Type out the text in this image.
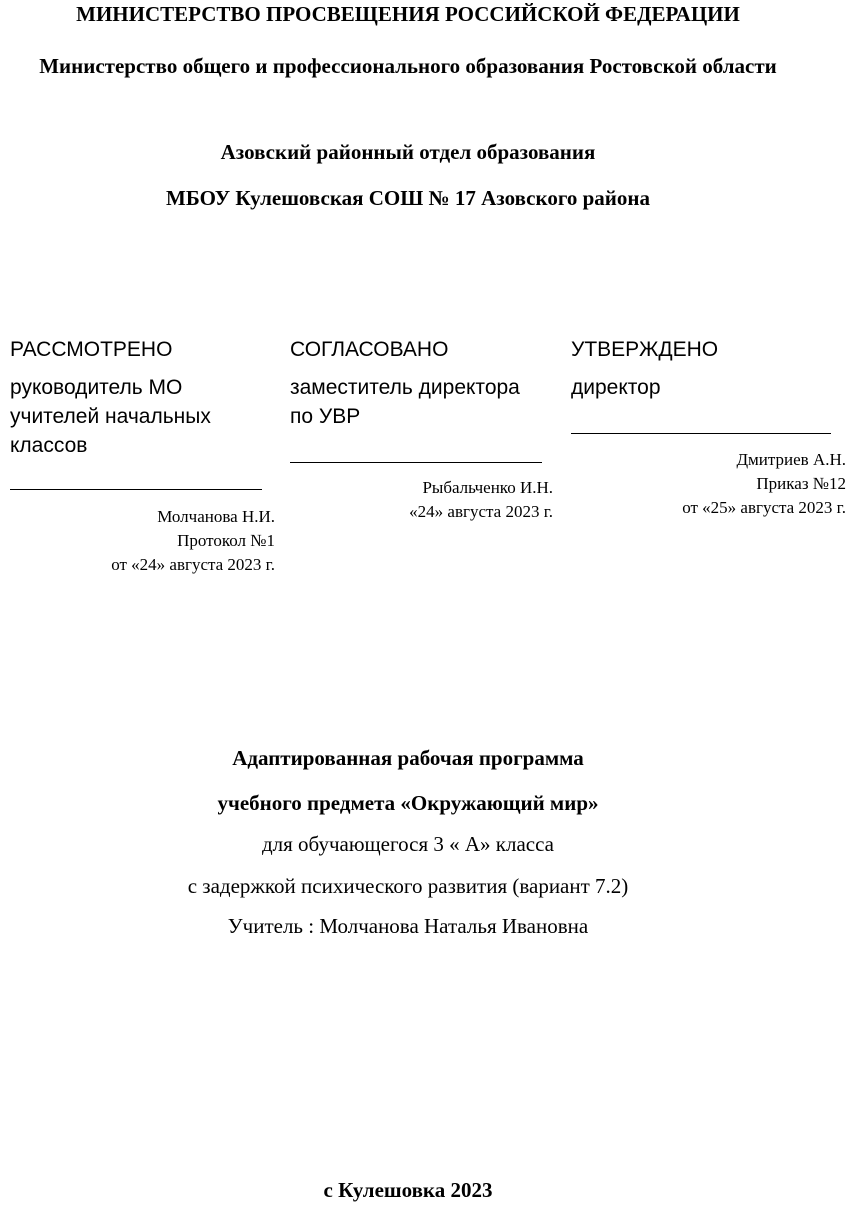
МИНИСТЕРСТВО ПРОСВЕЩЕНИЯ РОССИЙСКОЙ ФЕДЕРАЦИИ
Министерство общего и профессионального образования Ростовской области
Азовский районный отдел образования
МБОУ Кулешовская СОШ № 17 Азовского района
РАССМОТРЕНО
руководитель МО
учителей начальных
классов
Молчанова Н.И.
Протокол №1
от «24» августа 2023 г.
СОГЛАСОВАНО
заместитель директора
по УВР
Рыбальченко И.Н.
«24» августа 2023 г.
УТВЕРЖДЕНО
директор
Дмитриев А.Н.
Приказ №12
от «25» августа 2023 г.
Адаптированная рабочая программа
учебного предмета «Окружающий мир»
для обучающегося 3 « А» класса
с задержкой психического развития (вариант 7.2)
Учитель : Молчанова Наталья Ивановна
с Кулешовка 2023
